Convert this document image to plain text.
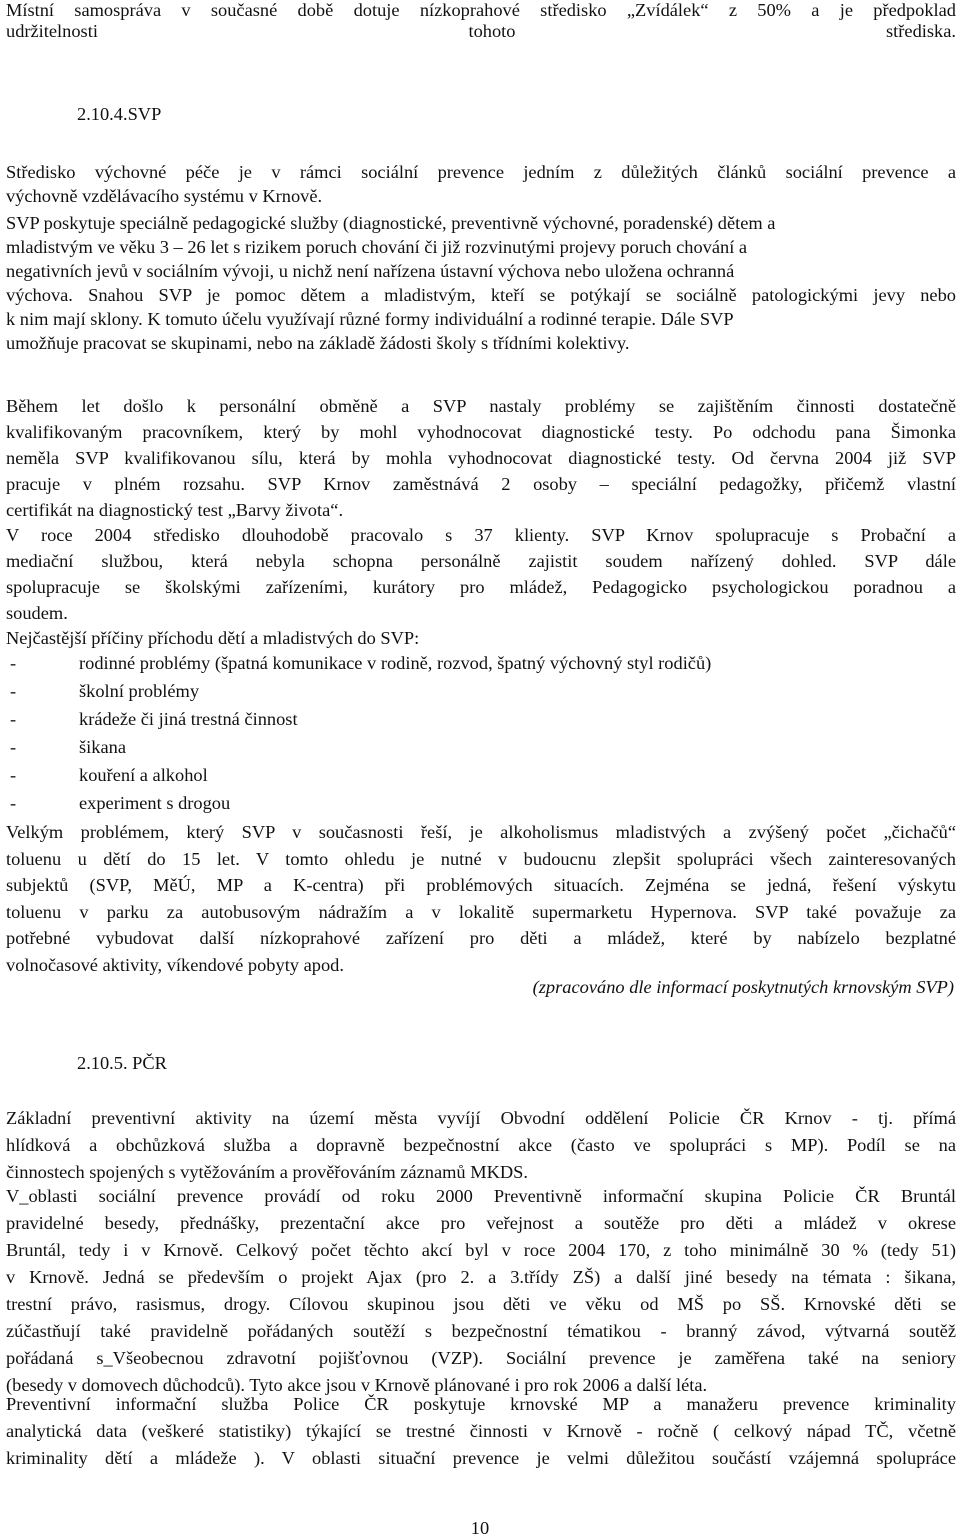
Místní samospráva v současné době dotuje nízkoprahové středisko „Zvídálek“ z 50% a je předpoklad
udržitelnosti tohoto střediska.
2.10.4.SVP
Středisko výchovné péče je v rámci sociální prevence jedním z důležitých článků sociální prevence a
výchovně vzdělávacího systému v Krnově.
SVP poskytuje speciálně pedagogické služby (diagnostické, preventivně výchovné, poradenské) dětem a
mladistvým ve věku 3 – 26 let s rizikem poruch chování či již rozvinutými projevy poruch chování a
negativních jevů v sociálním vývoji, u nichž není nařízena ústavní výchova nebo uložena ochranná
výchova. Snahou SVP je pomoc dětem a mladistvým, kteří se potýkají se sociálně patologickými jevy nebo
k nim mají sklony. K tomuto účelu využívají různé formy individuální a rodinné terapie. Dále SVP
umožňuje pracovat se skupinami, nebo na základě žádosti školy s třídními kolektivy.
Během let došlo k personální obměně a SVP nastaly problémy se zajištěním činnosti dostatečně
kvalifikovaným pracovníkem, který by mohl vyhodnocovat diagnostické testy. Po odchodu pana Šimonka
neměla SVP kvalifikovanou sílu, která by mohla vyhodnocovat diagnostické testy. Od června 2004 již SVP
pracuje v plném rozsahu. SVP Krnov zaměstnává 2 osoby – speciální pedagožky, přičemž vlastní
certifikát na diagnostický test „Barvy života“.
V roce 2004 středisko dlouhodobě pracovalo s 37 klienty. SVP Krnov spolupracuje s Probační a
mediační službou, která nebyla schopna personálně zajistit soudem nařízený dohled. SVP dále
spolupracuje se školskými zařízeními, kurátory pro mládež, Pedagogicko psychologickou poradnou a
soudem.

Nejčastější příčiny příchodu dětí a mladistvých do SVP:

-	rodinné problémy (špatná komunikace v rodině, rozvod, špatný výchovný styl rodičů)
-	školní problémy
-	krádeže či jiná trestná činnost
-	šikana
-	kouření a alkohol
-	experiment s drogou
Velkým problémem, který SVP v současnosti řeší, je alkoholismus mladistvých a zvýšený počet „čichačů“
toluenu u dětí do 15 let. V tomto ohledu je nutné v budoucnu zlepšit spolupráci všech zainteresovaných
subjektů (SVP, MěÚ, MP a K-centra) při problémových situacích. Zejména se jedná, řešení výskytu
toluenu v parku za autobusovým nádražím a v lokalitě supermarketu Hypernova. SVP také považuje za
potřebné vybudovat další nízkoprahové zařízení pro děti a mládež, které by nabízelo bezplatné
volnočasové aktivity, víkendové pobyty apod.

(zpracováno dle informací poskytnutých krnovským SVP)

2.10.5. PČR
Základní preventivní aktivity na území města vyvíjí Obvodní oddělení Policie ČR Krnov - tj. přímá
hlídková a obchůzková služba a dopravně bezpečnostní akce (často ve spolupráci s MP). Podíl se na
činnostech spojených s vytěžováním a prověřováním záznamů MKDS.
V_oblasti sociální prevence provádí od roku 2000 Preventivně informační skupina Policie ČR Bruntál
pravidelné besedy, přednášky, prezentační akce pro veřejnost a soutěže pro děti a mládež v okrese
Bruntál, tedy i v Krnově. Celkový počet těchto akcí byl v roce 2004 170, z toho minimálně 30 % (tedy 51)
v Krnově. Jedná se především o projekt Ajax (pro 2. a 3.třídy ZŠ) a další jiné besedy na témata : šikana,
trestní právo, rasismus, drogy. Cílovou skupinou jsou děti ve věku od MŠ po SŠ. Krnovské děti se
zúčastňují také pravidelně pořádaných soutěží s bezpečnostní tématikou - branný závod, výtvarná soutěž
pořádaná s_Všeobecnou zdravotní pojišťovnou (VZP). Sociální prevence je zaměřena také na seniory
(besedy v domovech důchodců). Tyto akce jsou v Krnově plánované i pro rok 2006 a další léta.
Preventivní informační služba Police ČR poskytuje krnovské MP a manažeru prevence kriminality
analytická data (veškeré statistiky) týkající se trestné činnosti v Krnově - ročně ( celkový nápad TČ, včetně
kriminality dětí a mládeže ). V oblasti situační prevence je velmi důležitou součástí vzájemná spolupráce

10
